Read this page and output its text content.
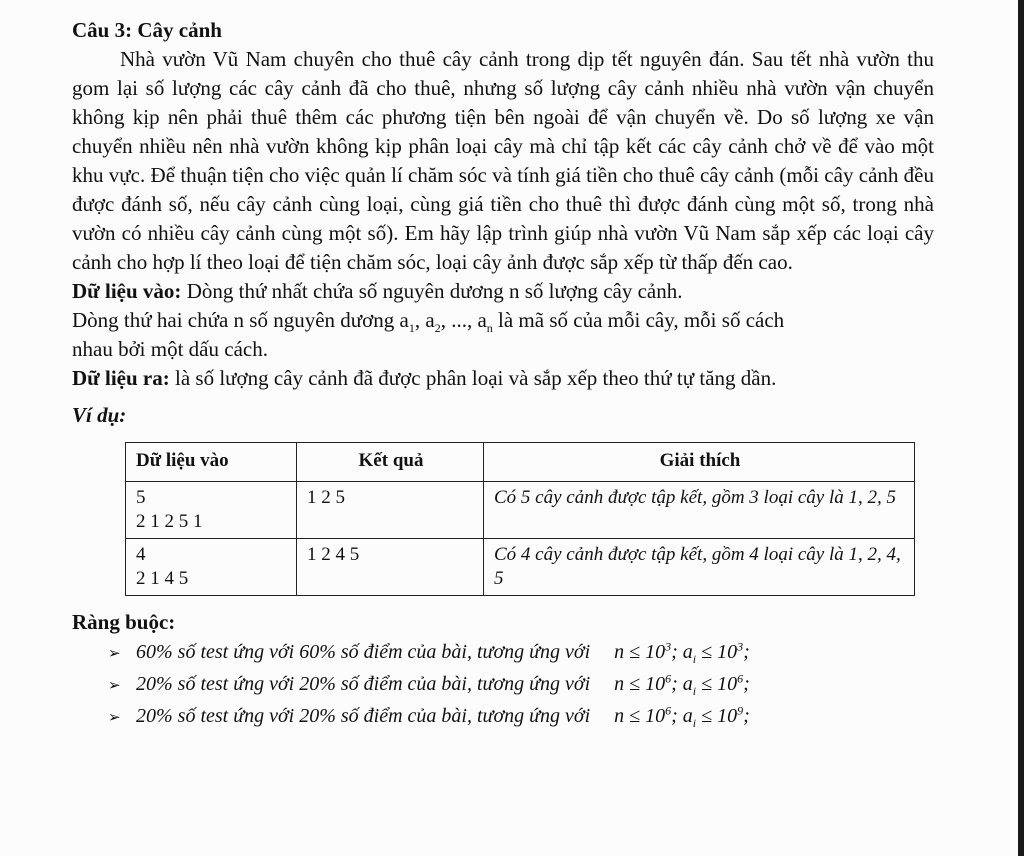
Câu 3: Cây cảnh

Nhà vườn Vũ Nam chuyên cho thuê cây cảnh trong dịp tết nguyên đán. Sau tết nhà vườn thu gom lại số lượng các cây cảnh đã cho thuê, nhưng số lượng cây cảnh nhiều nhà vườn vận chuyển không kịp nên phải thuê thêm các phương tiện bên ngoài để vận chuyển về. Do số lượng xe vận chuyển nhiều nên nhà vườn không kịp phân loại cây mà chỉ tập kết các cây cảnh chở về để vào một khu vực. Để thuận tiện cho việc quản lí chăm sóc và tính giá tiền cho thuê cây cảnh (mỗi cây cảnh đều được đánh số, nếu cây cảnh cùng loại, cùng giá tiền cho thuê thì được đánh cùng một số, trong nhà vườn có nhiều cây cảnh cùng một số). Em hãy lập trình giúp nhà vườn Vũ Nam sắp xếp các loại cây cảnh cho hợp lí theo loại để tiện chăm sóc, loại cây ảnh được sắp xếp từ thấp đến cao.

Dữ liệu vào: Dòng thứ nhất chứa số nguyên dương n số lượng cây cảnh.

Dòng thứ hai chứa n số nguyên dương $a_1$, $a_2$, ..., $a_n$ là mã số của mỗi cây, mỗi số cách

nhau bởi một dấu cách.

Dữ liệu ra: là số lượng cây cảnh đã được phân loại và sắp xếp theo thứ tự tăng dần.

Ví dụ:

Dữ liệu vào	Kết quả	Giải thích

5
2 1 2 5 1	1 2 5	Có 5 cây cảnh được tập kết, gồm 3 loại cây là 1, 2, 5

4
2 1 4 5	1 2 4 5	Có 4 cây cảnh được tập kết, gồm 4 loại cây là 1, 2, 4, 5

Ràng buộc:

➢ 60% số test ứng với 60% số điểm của bài, tương ứng với $n \le 10^3$; $a_i \le 10^3$;
➢ 20% số test ứng với 20% số điểm của bài, tương ứng với $n \le 10^6$; $a_i \le 10^6$;
➢ 20% số test ứng với 20% số điểm của bài, tương ứng với $n \le 10^6$; $a_i \le 10^9$;
